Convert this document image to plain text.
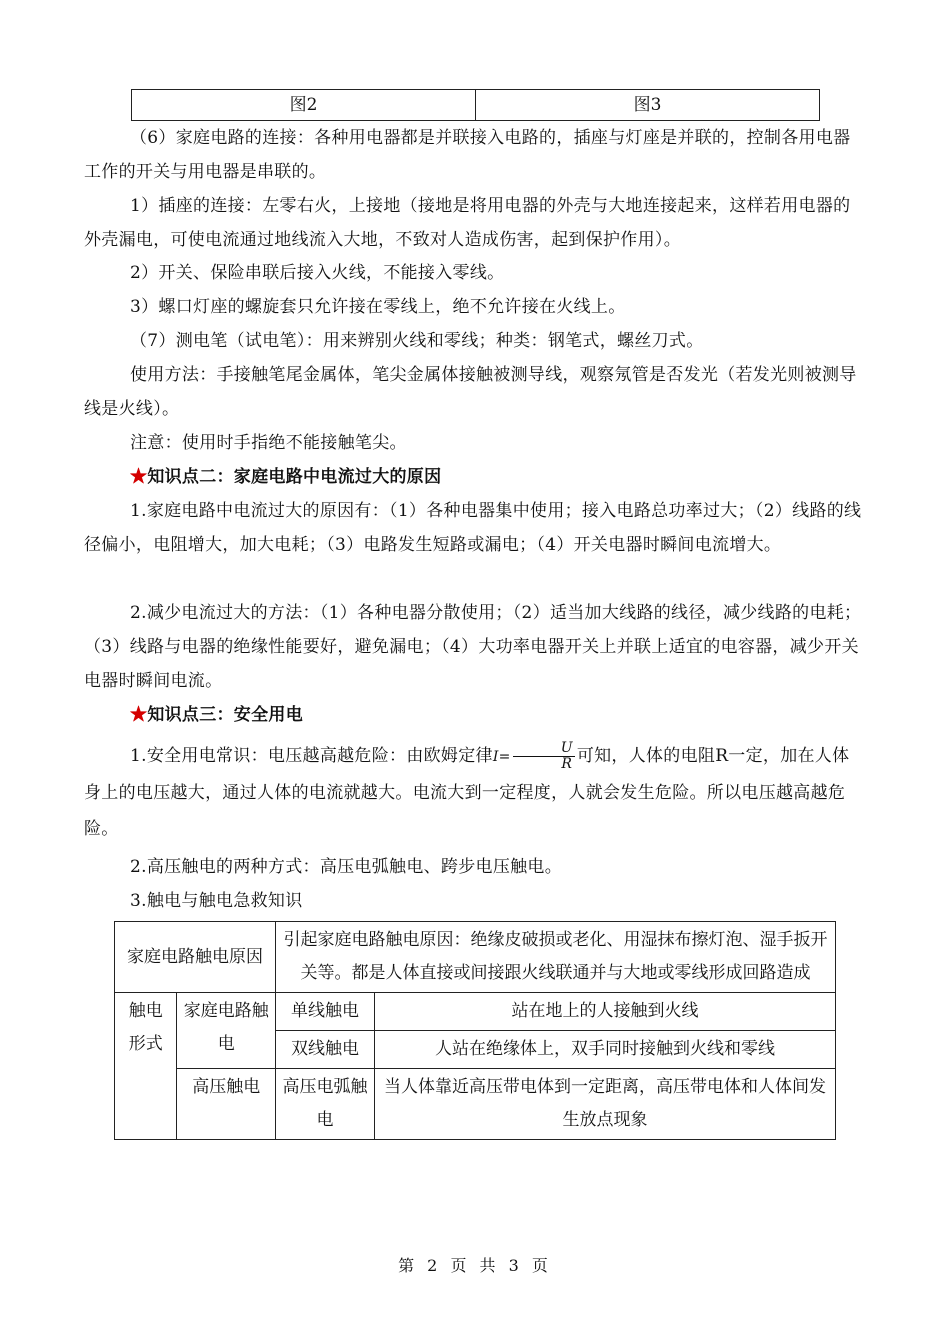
图2	图3

（6）家庭电路的连接：各种用电器都是并联接入电路的，插座与灯座是并联的，控制各用电器工作的开关与用电器是串联的。

1）插座的连接：左零右火，上接地（接地是将用电器的外壳与大地连接起来，这样若用电器的外壳漏电，可使电流通过地线流入大地，不致对人造成伤害，起到保护作用）。

2）开关、保险串联后接入火线，不能接入零线。

3）螺口灯座的螺旋套只允许接在零线上，绝不允许接在火线上。

（7）测电笔（试电笔）：用来辨别火线和零线；种类：钢笔式，螺丝刀式。

使用方法：手接触笔尾金属体，笔尖金属体接触被测导线，观察氖管是否发光（若发光则被测导线是火线）。

注意：使用时手指绝不能接触笔尖。

★知识点二：家庭电路中电流过大的原因

1.家庭电路中电流过大的原因有：（1）各种电器集中使用；接入电路总功率过大；（2）线路的线径偏小，电阻增大，加大电耗；（3）电路发生短路或漏电；（4）开关电器时瞬间电流增大。

2.减少电流过大的方法：（1）各种电器分散使用；（2）适当加大线路的线径，减少线路的电耗；（3）线路与电器的绝缘性能要好，避免漏电；（4）大功率电器开关上并联上适宜的电容器，减少开关电器时瞬间电流。

★知识点三：安全用电

1.安全用电常识：电压越高越危险：由欧姆定律$I= \frac{U}{R}$ 可知，人体的电阻R一定，加在人体身上的电压越大，通过人体的电流就越大。电流大到一定程度，人就会发生危险。所以电压越高越危险。

2.高压触电的两种方式：高压电弧触电、跨步电压触电。

3.触电与触电急救知识

家庭电路触电原因		引起家庭电路触电原因：绝缘皮破损或老化、用湿抹布擦灯泡、湿手扳开关等。都是人体直接或间接跟火线联通并与大地或零线形成回路造成	
触电形式	家庭电路触电	单线触电	站在地上的人接触到火线
		双线触电	人站在绝缘体上，双手同时接触到火线和零线
	高压触电	高压电弧触电	当人体靠近高压带电体到一定距离，高压带电体和人体间发生放点现象
第 2 页 共 3 页
